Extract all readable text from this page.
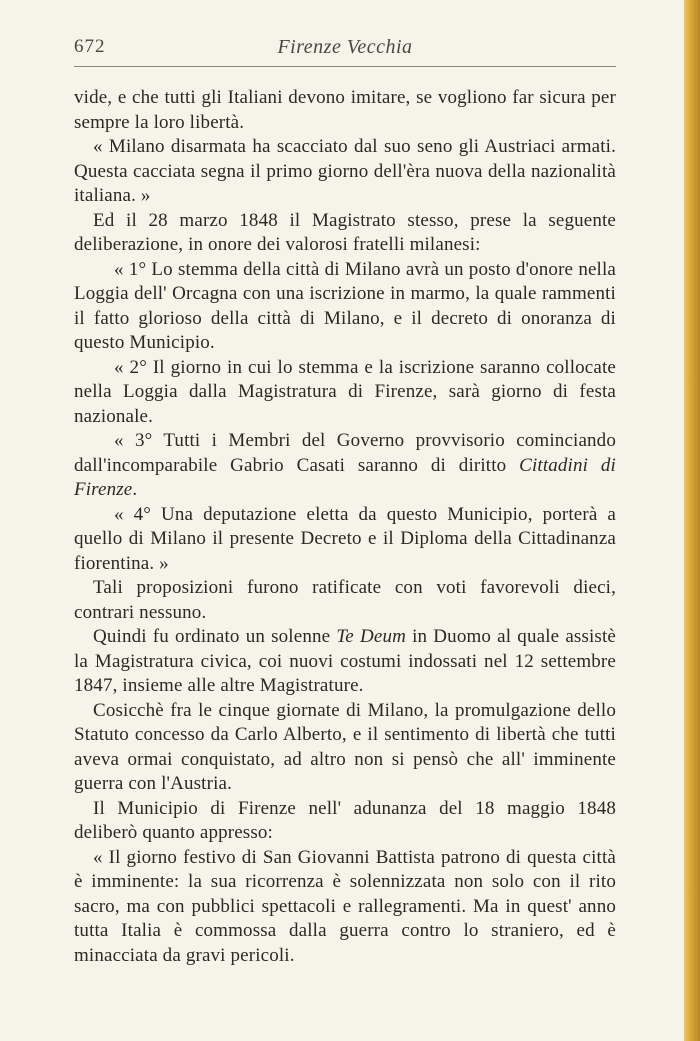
672	Firenze Vecchia

vide, e che tutti gli Italiani devono imitare, se vogliono far sicura per sempre la loro libertà.

« Milano disarmata ha scacciato dal suo seno gli Austriaci armati. Questa cacciata segna il primo giorno dell'èra nuova della nazionalità italiana. »

Ed il 28 marzo 1848 il Magistrato stesso, prese la seguente deliberazione, in onore dei valorosi fratelli milanesi:

« 1° Lo stemma della città di Milano avrà un posto d'onore nella Loggia dell' Orcagna con una iscrizione in marmo, la quale rammenti il fatto glorioso della città di Milano, e il decreto di onoranza di questo Municipio.

« 2° Il giorno in cui lo stemma e la iscrizione saranno collocate nella Loggia dalla Magistratura di Firenze, sarà giorno di festa nazionale.

« 3° Tutti i Membri del Governo provvisorio cominciando dall'incomparabile Gabrio Casati saranno di diritto Cittadini di Firenze.

« 4° Una deputazione eletta da questo Municipio, porterà a quello di Milano il presente Decreto e il Diploma della Cittadinanza fiorentina. »

Tali proposizioni furono ratificate con voti favorevoli dieci, contrari nessuno.

Quindi fu ordinato un solenne Te Deum in Duomo al quale assistè la Magistratura civica, coi nuovi costumi indossati nel 12 settembre 1847, insieme alle altre Magistrature.

Cosicchè fra le cinque giornate di Milano, la promulgazione dello Statuto concesso da Carlo Alberto, e il sentimento di libertà che tutti aveva ormai conquistato, ad altro non si pensò che all' imminente guerra con l'Austria.

Il Municipio di Firenze nell' adunanza del 18 maggio 1848 deliberò quanto appresso:

« Il giorno festivo di San Giovanni Battista patrono di questa città è imminente: la sua ricorrenza è solennizzata non solo con il rito sacro, ma con pubblici spettacoli e rallegramenti. Ma in quest' anno tutta Italia è commossa dalla guerra contro lo straniero, ed è minacciata da gravi pericoli.
